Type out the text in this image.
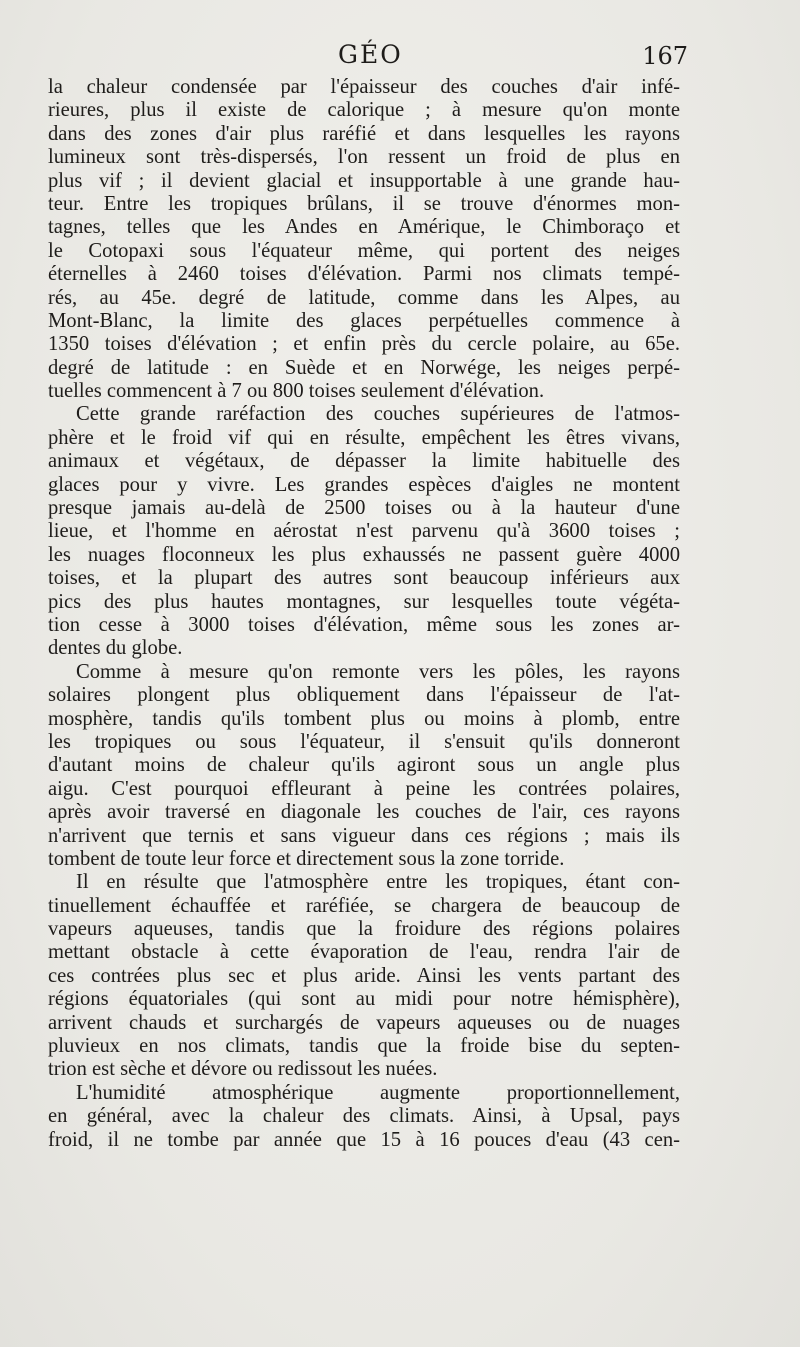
GÉO	167
la chaleur condensée par l'épaisseur des couches d'air infé-
rieures, plus il existe de calorique ; à mesure qu'on monte
dans des zones d'air plus raréfié et dans lesquelles les rayons
lumineux sont très-dispersés, l'on ressent un froid de plus en
plus vif ; il devient glacial et insupportable à une grande hau-
teur. Entre les tropiques brûlans, il se trouve d'énormes mon-
tagnes, telles que les Andes en Amérique, le Chimboraço et
le Cotopaxi sous l'équateur même, qui portent des neiges
éternelles à 2460 toises d'élévation. Parmi nos climats tempé-
rés, au 45e. degré de latitude, comme dans les Alpes, au
Mont-Blanc, la limite des glaces perpétuelles commence à
1350 toises d'élévation ; et enfin près du cercle polaire, au 65e.
degré de latitude : en Suède et en Norwége, les neiges perpé-
tuelles commencent à 7 ou 800 toises seulement d'élévation.
Cette grande raréfaction des couches supérieures de l'atmos-
phère et le froid vif qui en résulte, empêchent les êtres vivans,
animaux et végétaux, de dépasser la limite habituelle des
glaces pour y vivre. Les grandes espèces d'aigles ne montent
presque jamais au-delà de 2500 toises ou à la hauteur d'une
lieue, et l'homme en aérostat n'est parvenu qu'à 3600 toises ;
les nuages floconneux les plus exhaussés ne passent guère 4000
toises, et la plupart des autres sont beaucoup inférieurs aux
pics des plus hautes montagnes, sur lesquelles toute végéta-
tion cesse à 3000 toises d'élévation, même sous les zones ar-
dentes du globe.
Comme à mesure qu'on remonte vers les pôles, les rayons
solaires plongent plus obliquement dans l'épaisseur de l'at-
mosphère, tandis qu'ils tombent plus ou moins à plomb, entre
les tropiques ou sous l'équateur, il s'ensuit qu'ils donneront
d'autant moins de chaleur qu'ils agiront sous un angle plus
aigu. C'est pourquoi effleurant à peine les contrées polaires,
après avoir traversé en diagonale les couches de l'air, ces rayons
n'arrivent que ternis et sans vigueur dans ces régions ; mais ils
tombent de toute leur force et directement sous la zone torride.
Il en résulte que l'atmosphère entre les tropiques, étant con-
tinuellement échauffée et raréfiée, se chargera de beaucoup de
vapeurs aqueuses, tandis que la froidure des régions polaires
mettant obstacle à cette évaporation de l'eau, rendra l'air de
ces contrées plus sec et plus aride. Ainsi les vents partant des
régions équatoriales (qui sont au midi pour notre hémisphère),
arrivent chauds et surchargés de vapeurs aqueuses ou de nuages
pluvieux en nos climats, tandis que la froide bise du septen-
trion est sèche et dévore ou redissout les nuées.
L'humidité atmosphérique augmente proportionnellement,
en général, avec la chaleur des climats. Ainsi, à Upsal, pays
froid, il ne tombe par année que 15 à 16 pouces d'eau (43 cen-
